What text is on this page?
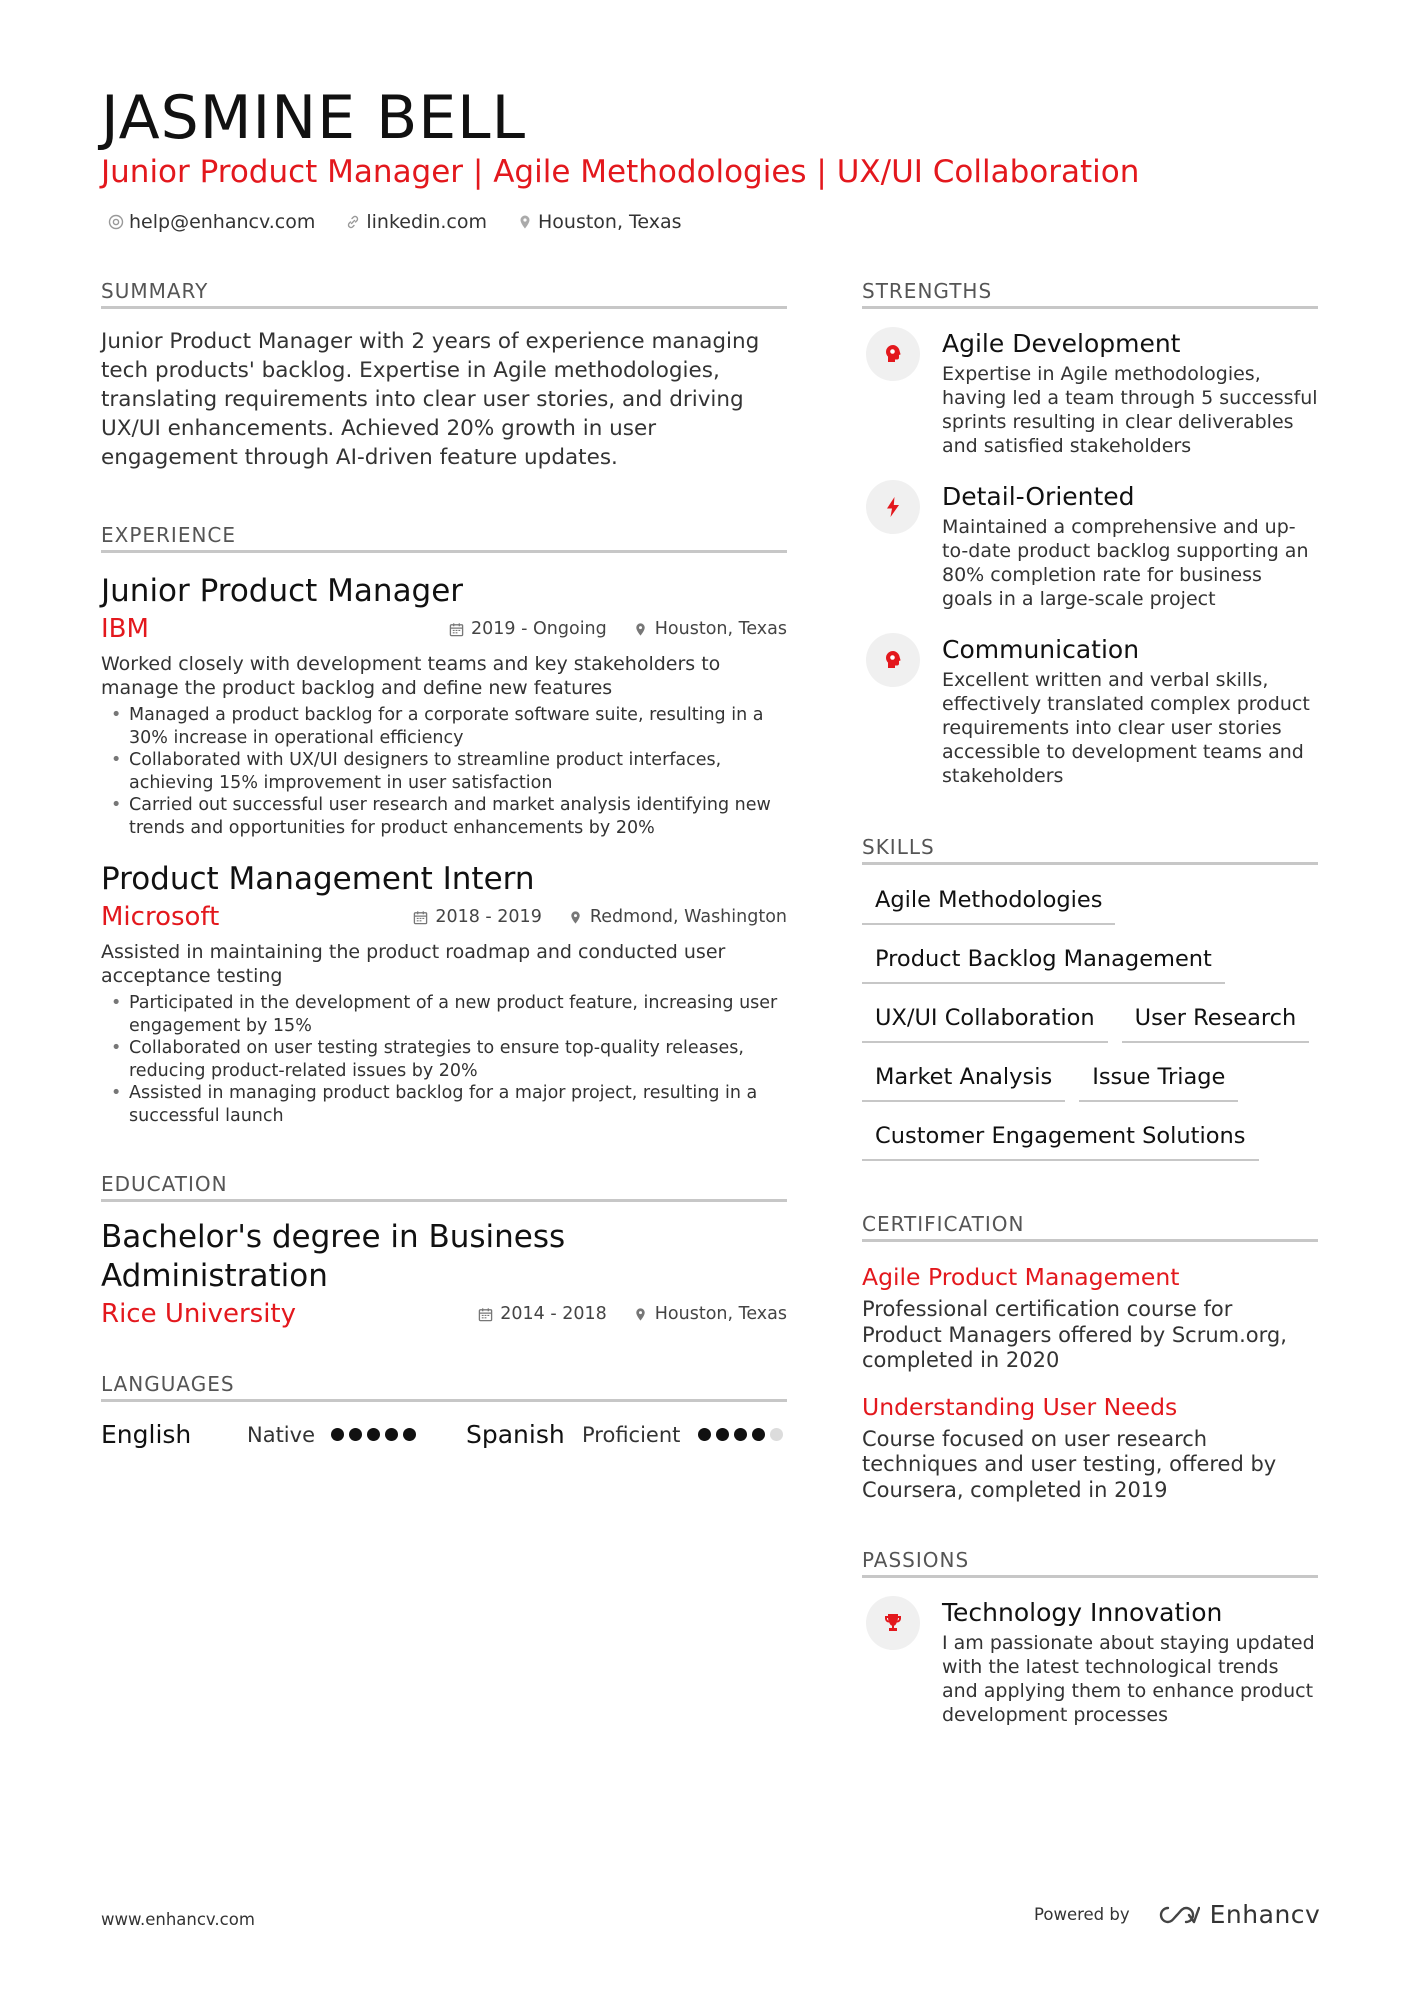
JASMINE BELL
Junior Product Manager | Agile Methodologies | UX/UI Collaboration
help@enhancv.com	linkedin.com	Houston, Texas
SUMMARY
Junior Product Manager with 2 years of experience managing tech products' backlog. Expertise in Agile methodologies, translating requirements into clear user stories, and driving UX/UI enhancements. Achieved 20% growth in user engagement through AI-driven feature updates.
EXPERIENCE
Junior Product Manager
IBM	2019 - Ongoing	Houston, Texas
Worked closely with development teams and key stakeholders to manage the product backlog and define new features
• Managed a product backlog for a corporate software suite, resulting in a 30% increase in operational efficiency
• Collaborated with UX/UI designers to streamline product interfaces, achieving 15% improvement in user satisfaction
• Carried out successful user research and market analysis identifying new trends and opportunities for product enhancements by 20%
Product Management Intern
Microsoft	2018 - 2019	Redmond, Washington
Assisted in maintaining the product roadmap and conducted user acceptance testing
• Participated in the development of a new product feature, increasing user engagement by 15%
• Collaborated on user testing strategies to ensure top-quality releases, reducing product-related issues by 20%
• Assisted in managing product backlog for a major project, resulting in a successful launch
EDUCATION
Bachelor's degree in Business Administration
Rice University	2014 - 2018	Houston, Texas
LANGUAGES
English	Native	Spanish Proficient
STRENGTHS
Agile Development
Expertise in Agile methodologies, having led a team through 5 successful sprints resulting in clear deliverables and satisfied stakeholders
Detail-Oriented
Maintained a comprehensive and up-to-date product backlog supporting an 80% completion rate for business goals in a large-scale project
Communication
Excellent written and verbal skills, effectively translated complex product requirements into clear user stories accessible to development teams and stakeholders
SKILLS
Agile Methodologies
Product Backlog Management
UX/UI Collaboration	User Research
Market Analysis	Issue Triage
Customer Engagement Solutions
CERTIFICATION
Agile Product Management
Professional certification course for Product Managers offered by Scrum.org, completed in 2020
Understanding User Needs
Course focused on user research techniques and user testing, offered by Coursera, completed in 2019
PASSIONS
Technology Innovation
I am passionate about staying updated with the latest technological trends and applying them to enhance product development processes
www.enhancv.com	Powered by	Enhancv
